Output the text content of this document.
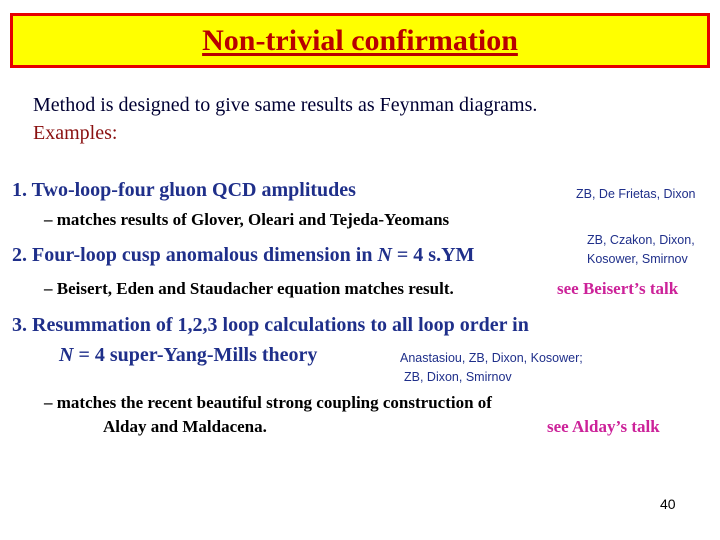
Non-trivial confirmation
Method is designed to give same results as Feynman diagrams.
Examples:
1. Two-loop-four gluon QCD amplitudes	ZB, De Frietas, Dixon
– matches results of Glover, Oleari and Tejeda-Yeomans
2. Four-loop cusp anomalous dimension in N = 4 s.YM
ZB, Czakon, Dixon,
Kosower, Smirnov
– Beisert, Eden and Staudacher equation matches result.	see Beisert’s talk
3. Resummation of 1,2,3 loop calculations to all loop order in
N = 4 super-Yang-Mills theory	Anastasiou, ZB, Dixon, Kosower;
ZB, Dixon, Smirnov
– matches the recent beautiful strong coupling construction of
Alday and Maldacena.	see Alday’s talk
40
